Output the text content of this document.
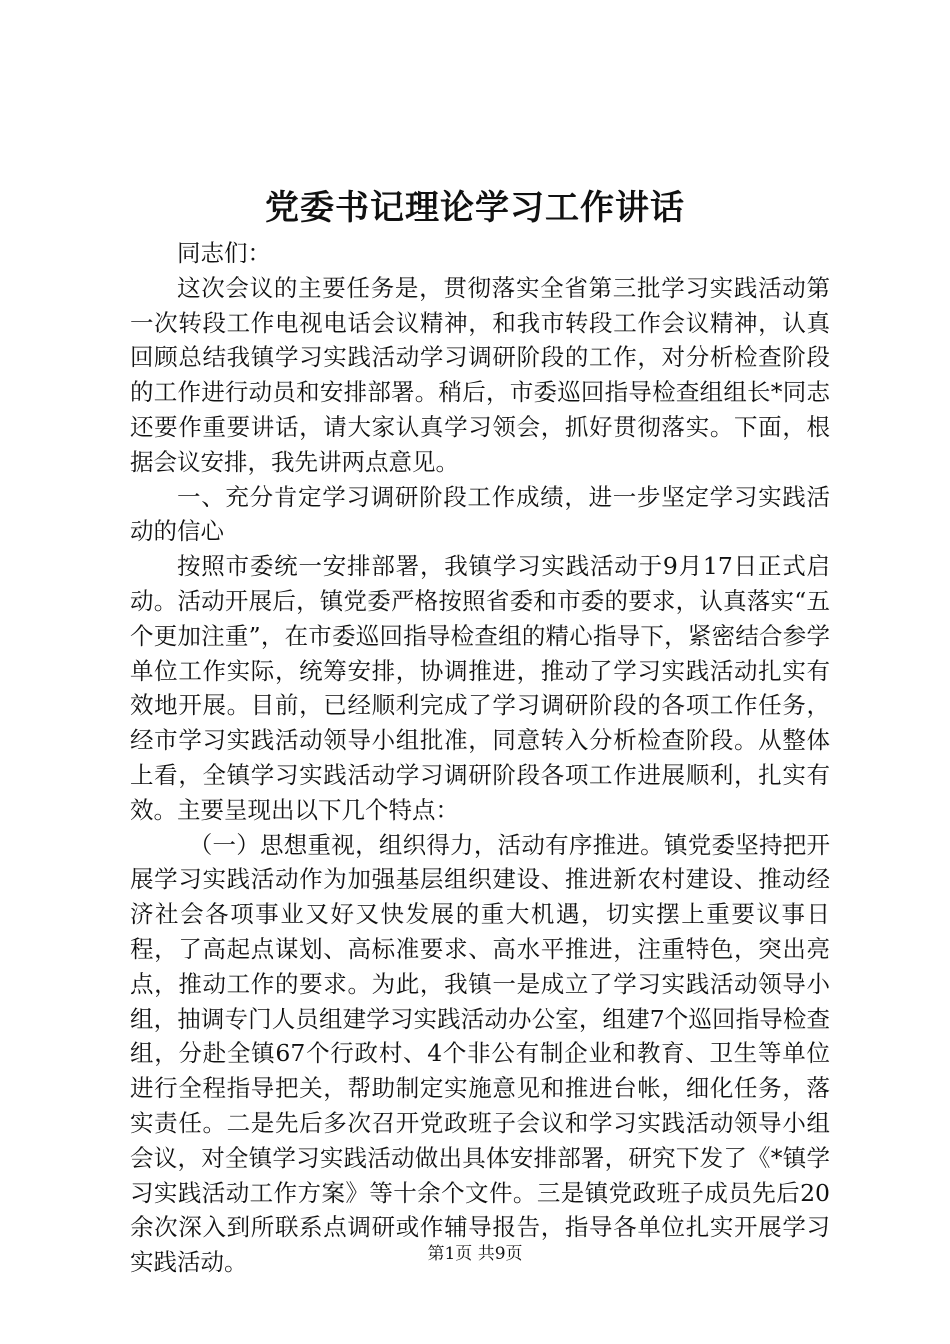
党委书记理论学习工作讲话

同志们：

这次会议的主要任务是，贯彻落实全省第三批学习实践活动第一次转段工作电视电话会议精神，和我市转段工作会议精神，认真回顾总结我镇学习实践活动学习调研阶段的工作，对分析检查阶段的工作进行动员和安排部署。稍后，市委巡回指导检查组组长*同志还要作重要讲话，请大家认真学习领会，抓好贯彻落实。下面，根据会议安排，我先讲两点意见。

一、充分肯定学习调研阶段工作成绩，进一步坚定学习实践活动的信心

按照市委统一安排部署，我镇学习实践活动于9月17日正式启动。活动开展后，镇党委严格按照省委和市委的要求，认真落实“五个更加注重”，在市委巡回指导检查组的精心指导下，紧密结合参学单位工作实际，统筹安排，协调推进，推动了学习实践活动扎实有效地开展。目前，已经顺利完成了学习调研阶段的各项工作任务，经市学习实践活动领导小组批准，同意转入分析检查阶段。从整体上看，全镇学习实践活动学习调研阶段各项工作进展顺利，扎实有效。主要呈现出以下几个特点：

（一）思想重视，组织得力，活动有序推进。镇党委坚持把开展学习实践活动作为加强基层组织建设、推进新农村建设、推动经济社会各项事业又好又快发展的重大机遇，切实摆上重要议事日程，了高起点谋划、高标准要求、高水平推进，注重特色，突出亮点，推动工作的要求。为此，我镇一是成立了学习实践活动领导小组，抽调专门人员组建学习实践活动办公室，组建7个巡回指导检查组，分赴全镇67个行政村、4个非公有制企业和教育、卫生等单位进行全程指导把关，帮助制定实施意见和推进台帐，细化任务，落实责任。二是先后多次召开党政班子会议和学习实践活动领导小组会议，对全镇学习实践活动做出具体安排部署，研究下发了《*镇学习实践活动工作方案》等十余个文件。三是镇党政班子成员先后20余次深入到所联系点调研或作辅导报告，指导各单位扎实开展学习实践活动。	第1页 共9页
